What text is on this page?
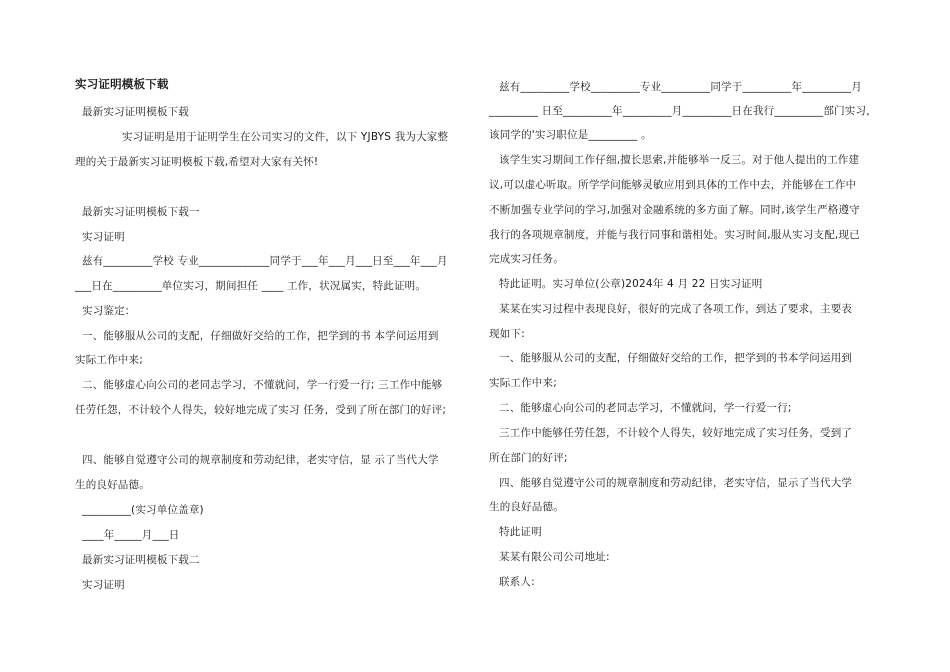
实习证明模板下载
最新实习证明模板下载
实习证明是用于证明学生在公司实习的文件，以下 YJBYS 我为大家整
理的关于最新实习证明模板下载,希望对大家有关怀!
最新实习证明模板下载一
实习证明
兹有_________学校 专业_____________同学于___年___月___日至___年___月
___日在_________单位实习，期间担任 ____ 工作，状况属实，特此证明。
实习鉴定：
一、能够服从公司的支配，仔细做好交给的工作，把学到的书 本学问运用到
实际工作中来;
二、能够虚心向公司的老同志学习，不懂就问，学一行爱一行; 三工作中能够
任劳任怨，不计较个人得失，较好地完成了实习 任务，受到了所在部门的好评;
四、能够自觉遵守公司的规章制度和劳动纪律，老实守信，显 示了当代大学
生的良好品德。
_________(实习单位盖章)
____年_____月___日
最新实习证明模板下载二
实习证明
兹有_________学校_________专业_________同学于_________年_________月
_________ 日至_________年_________月_________日在我行_________部门实习，
该同学的'实习职位是_________ 。
该学生实习期间工作仔细,擅长思索,并能够举一反三。对于他人提出的工作建
议,可以虚心听取。所学学问能够灵敏应用到具体的工作中去，并能够在工作中
不断加强专业学问的学习,加强对金融系统的多方面了解。同时,该学生严格遵守
我行的各项规章制度，并能与我行同事和谐相处。实习时间,服从实习支配,现已
完成实习任务。
特此证明。实习单位(公章)2024年 4 月 22 日实习证明
某某在实习过程中表现良好，很好的完成了各项工作，到达了要求，主要表
现如下:
一、能够服从公司的支配，仔细做好交给的工作，把学到的书本学问运用到
实际工作中来;
二、能够虚心向公司的老同志学习，不懂就问，学一行爱一行;
三工作中能够任劳任怨，不计较个人得失，较好地完成了实习任务，受到了
所在部门的好评;
四、能够自觉遵守公司的规章制度和劳动纪律，老实守信，显示了当代大学
生的良好品德。
特此证明
某某有限公司公司地址:
联系人:
